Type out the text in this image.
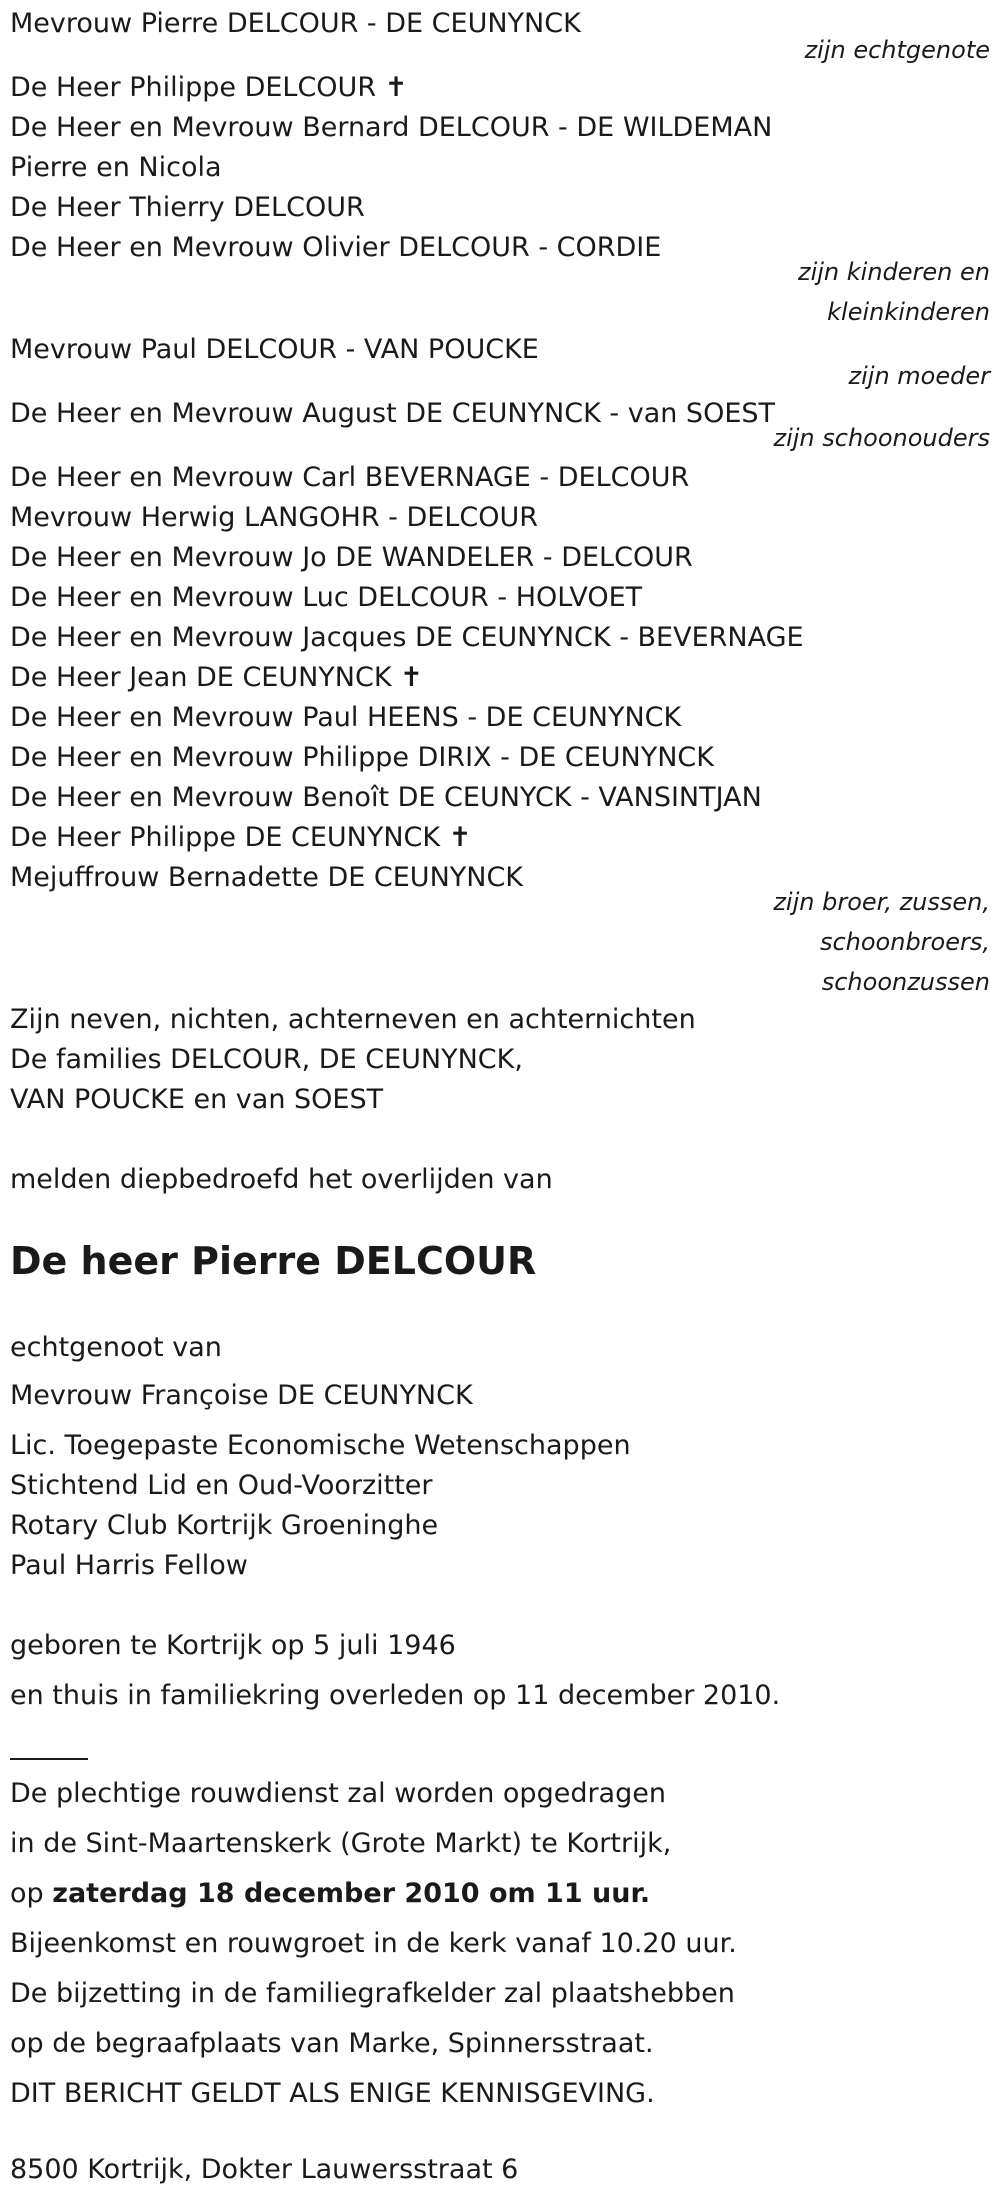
Mevrouw Pierre DELCOUR - DE CEUNYNCK

zijn echtgenote

De Heer Philippe DELCOUR ✝

De Heer en Mevrouw Bernard DELCOUR - DE WILDEMAN

Pierre en Nicola

De Heer Thierry DELCOUR

De Heer en Mevrouw Olivier DELCOUR - CORDIE

zijn kinderen en

kleinkinderen

Mevrouw Paul DELCOUR - VAN POUCKE

zijn moeder

De Heer en Mevrouw August DE CEUNYNCK - van SOEST

zijn schoonouders

De Heer en Mevrouw Carl BEVERNAGE - DELCOUR

Mevrouw Herwig LANGOHR - DELCOUR

De Heer en Mevrouw Jo DE WANDELER - DELCOUR

De Heer en Mevrouw Luc DELCOUR - HOLVOET

De Heer en Mevrouw Jacques DE CEUNYNCK - BEVERNAGE

De Heer Jean DE CEUNYNCK ✝

De Heer en Mevrouw Paul HEENS - DE CEUNYNCK

De Heer en Mevrouw Philippe DIRIX - DE CEUNYNCK

De Heer en Mevrouw Benoît DE CEUNYCK - VANSINTJAN

De Heer Philippe DE CEUNYNCK ✝

Mejuffrouw Bernadette DE CEUNYNCK

zijn broer, zussen,

schoonbroers,

schoonzussen

Zijn neven, nichten, achterneven en achternichten

De families DELCOUR, DE CEUNYNCK,

VAN POUCKE en van SOEST

melden diepbedroefd het overlijden van

De heer Pierre DELCOUR

echtgenoot van

Mevrouw Françoise DE CEUNYNCK

Lic. Toegepaste Economische Wetenschappen

Stichtend Lid en Oud-Voorzitter

Rotary Club Kortrijk Groeninghe

Paul Harris Fellow

geboren te Kortrijk op 5 juli 1946

en thuis in familiekring overleden op 11 december 2010.

De plechtige rouwdienst zal worden opgedragen

in de Sint-Maartenskerk (Grote Markt) te Kortrijk,

op zaterdag 18 december 2010 om 11 uur.

Bijeenkomst en rouwgroet in de kerk vanaf 10.20 uur.

De bijzetting in de familiegrafkelder zal plaatshebben

op de begraafplaats van Marke, Spinnersstraat.

DIT BERICHT GELDT ALS ENIGE KENNISGEVING.

8500 Kortrijk, Dokter Lauwersstraat 6
